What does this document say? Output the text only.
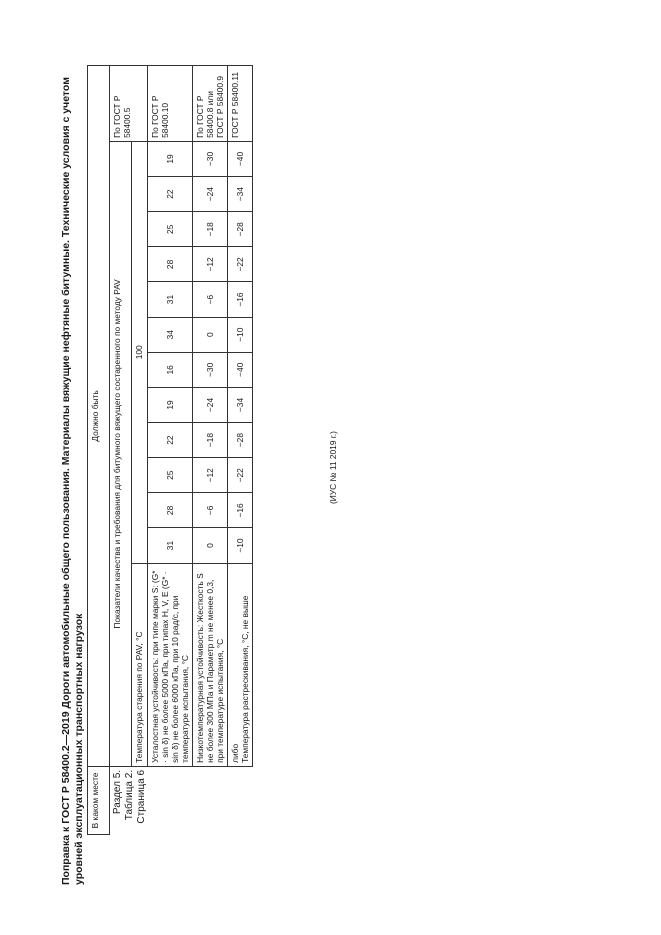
Поправка к ГОСТ Р 58400.2—2019 Дороги автомобильные общего пользования. Материалы вяжущие нефтяные битумные. Технические условия с учетом уровней эксплуатационных транспортных нагрузок В каком месте	Должно быть													
Раздел 5. Таблица 2. Страница 6	Показатели качества и требования для битумного вяжущего состаренного по методу PAV													По ГОСТ Р 58400.5
	Температура старения по PAV, °C	100												
	Усталостная устойчивость: при типе марки S: (G* · sin δ) не более 5000 кПа, при типах H, V, E (G* · sin δ) не более 6000 кПа, при 10 рад/с, при температуре испытания, °C	31	28	25	22	19	16	34	31	28	25	22	19	По ГОСТ Р 58400.10
	Низкотемпературная устойчивость: Жесткость S не более 300 МПа и Параметр m не менее 0,3, при температуре испытания, °C	0	−6	−12	−18	−24	−30	0	−6	−12	−18	−24	−30	По ГОСТ Р 58400.8 или ГОСТ Р 58400.9

	либо Температура растрескивания, °C, не выше	−10	−16	−22	−28	−34	−40	−10	−16	−22	−28	−34	−40	ГОСТ Р 58400.11
(ИУС № 11 2019 г.)
